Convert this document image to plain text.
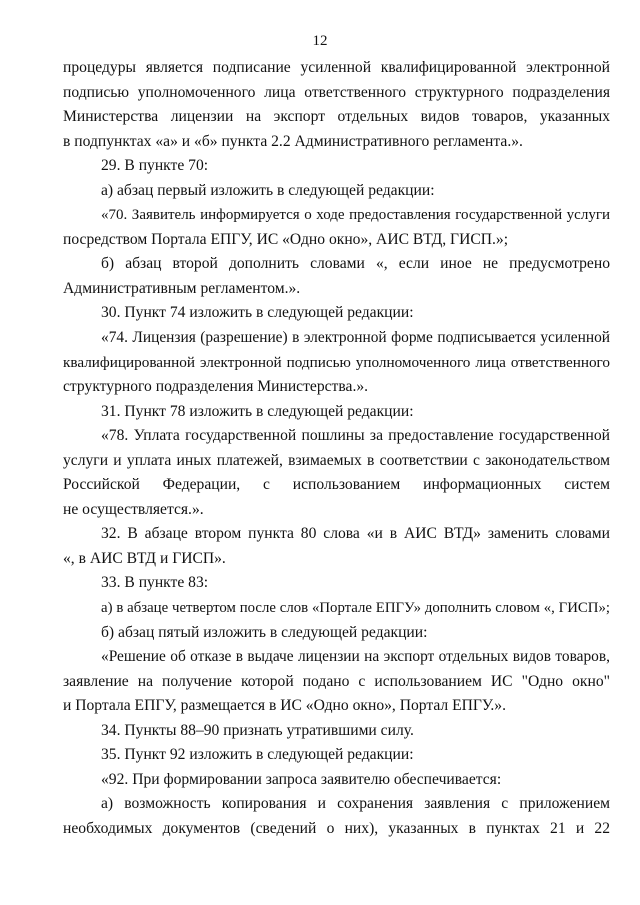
12
процедуры является подписание усиленной квалифицированной электронной
подписью уполномоченного лица ответственного структурного подразделения
Министерства лицензии на экспорт отдельных видов товаров, указанных
в подпунктах «а» и «б» пункта 2.2 Административного регламента.».
29. В пункте 70:
а) абзац первый изложить в следующей редакции:
«70. Заявитель информируется о ходе предоставления государственной услуги
посредством Портала ЕПГУ, ИС «Одно окно», АИС ВТД, ГИСП.»;
б) абзац второй дополнить словами «, если иное не предусмотрено
Административным регламентом.».
30. Пункт 74 изложить в следующей редакции:
«74. Лицензия (разрешение) в электронной форме подписывается усиленной
квалифицированной электронной подписью уполномоченного лица ответственного
структурного подразделения Министерства.».
31. Пункт 78 изложить в следующей редакции:
«78. Уплата государственной пошлины за предоставление государственной
услуги и уплата иных платежей, взимаемых в соответствии с законодательством
Российской Федерации, с использованием информационных систем
не осуществляется.».
32. В абзаце втором пункта 80 слова «и в АИС ВТД» заменить словами
«, в АИС ВТД и ГИСП».
33. В пункте 83:
а) в абзаце четвертом после слов «Портале ЕПГУ» дополнить словом «, ГИСП»;
б) абзац пятый изложить в следующей редакции:
«Решение об отказе в выдаче лицензии на экспорт отдельных видов товаров,
заявление на получение которой подано с использованием ИС "Одно окно"
и Портала ЕПГУ, размещается в ИС «Одно окно», Портал ЕПГУ.».
34. Пункты 88–90 признать утратившими силу.
35. Пункт 92 изложить в следующей редакции:
«92. При формировании запроса заявителю обеспечивается:
а) возможность копирования и сохранения заявления с приложением
необходимых документов (сведений о них), указанных в пунктах 21 и 22
